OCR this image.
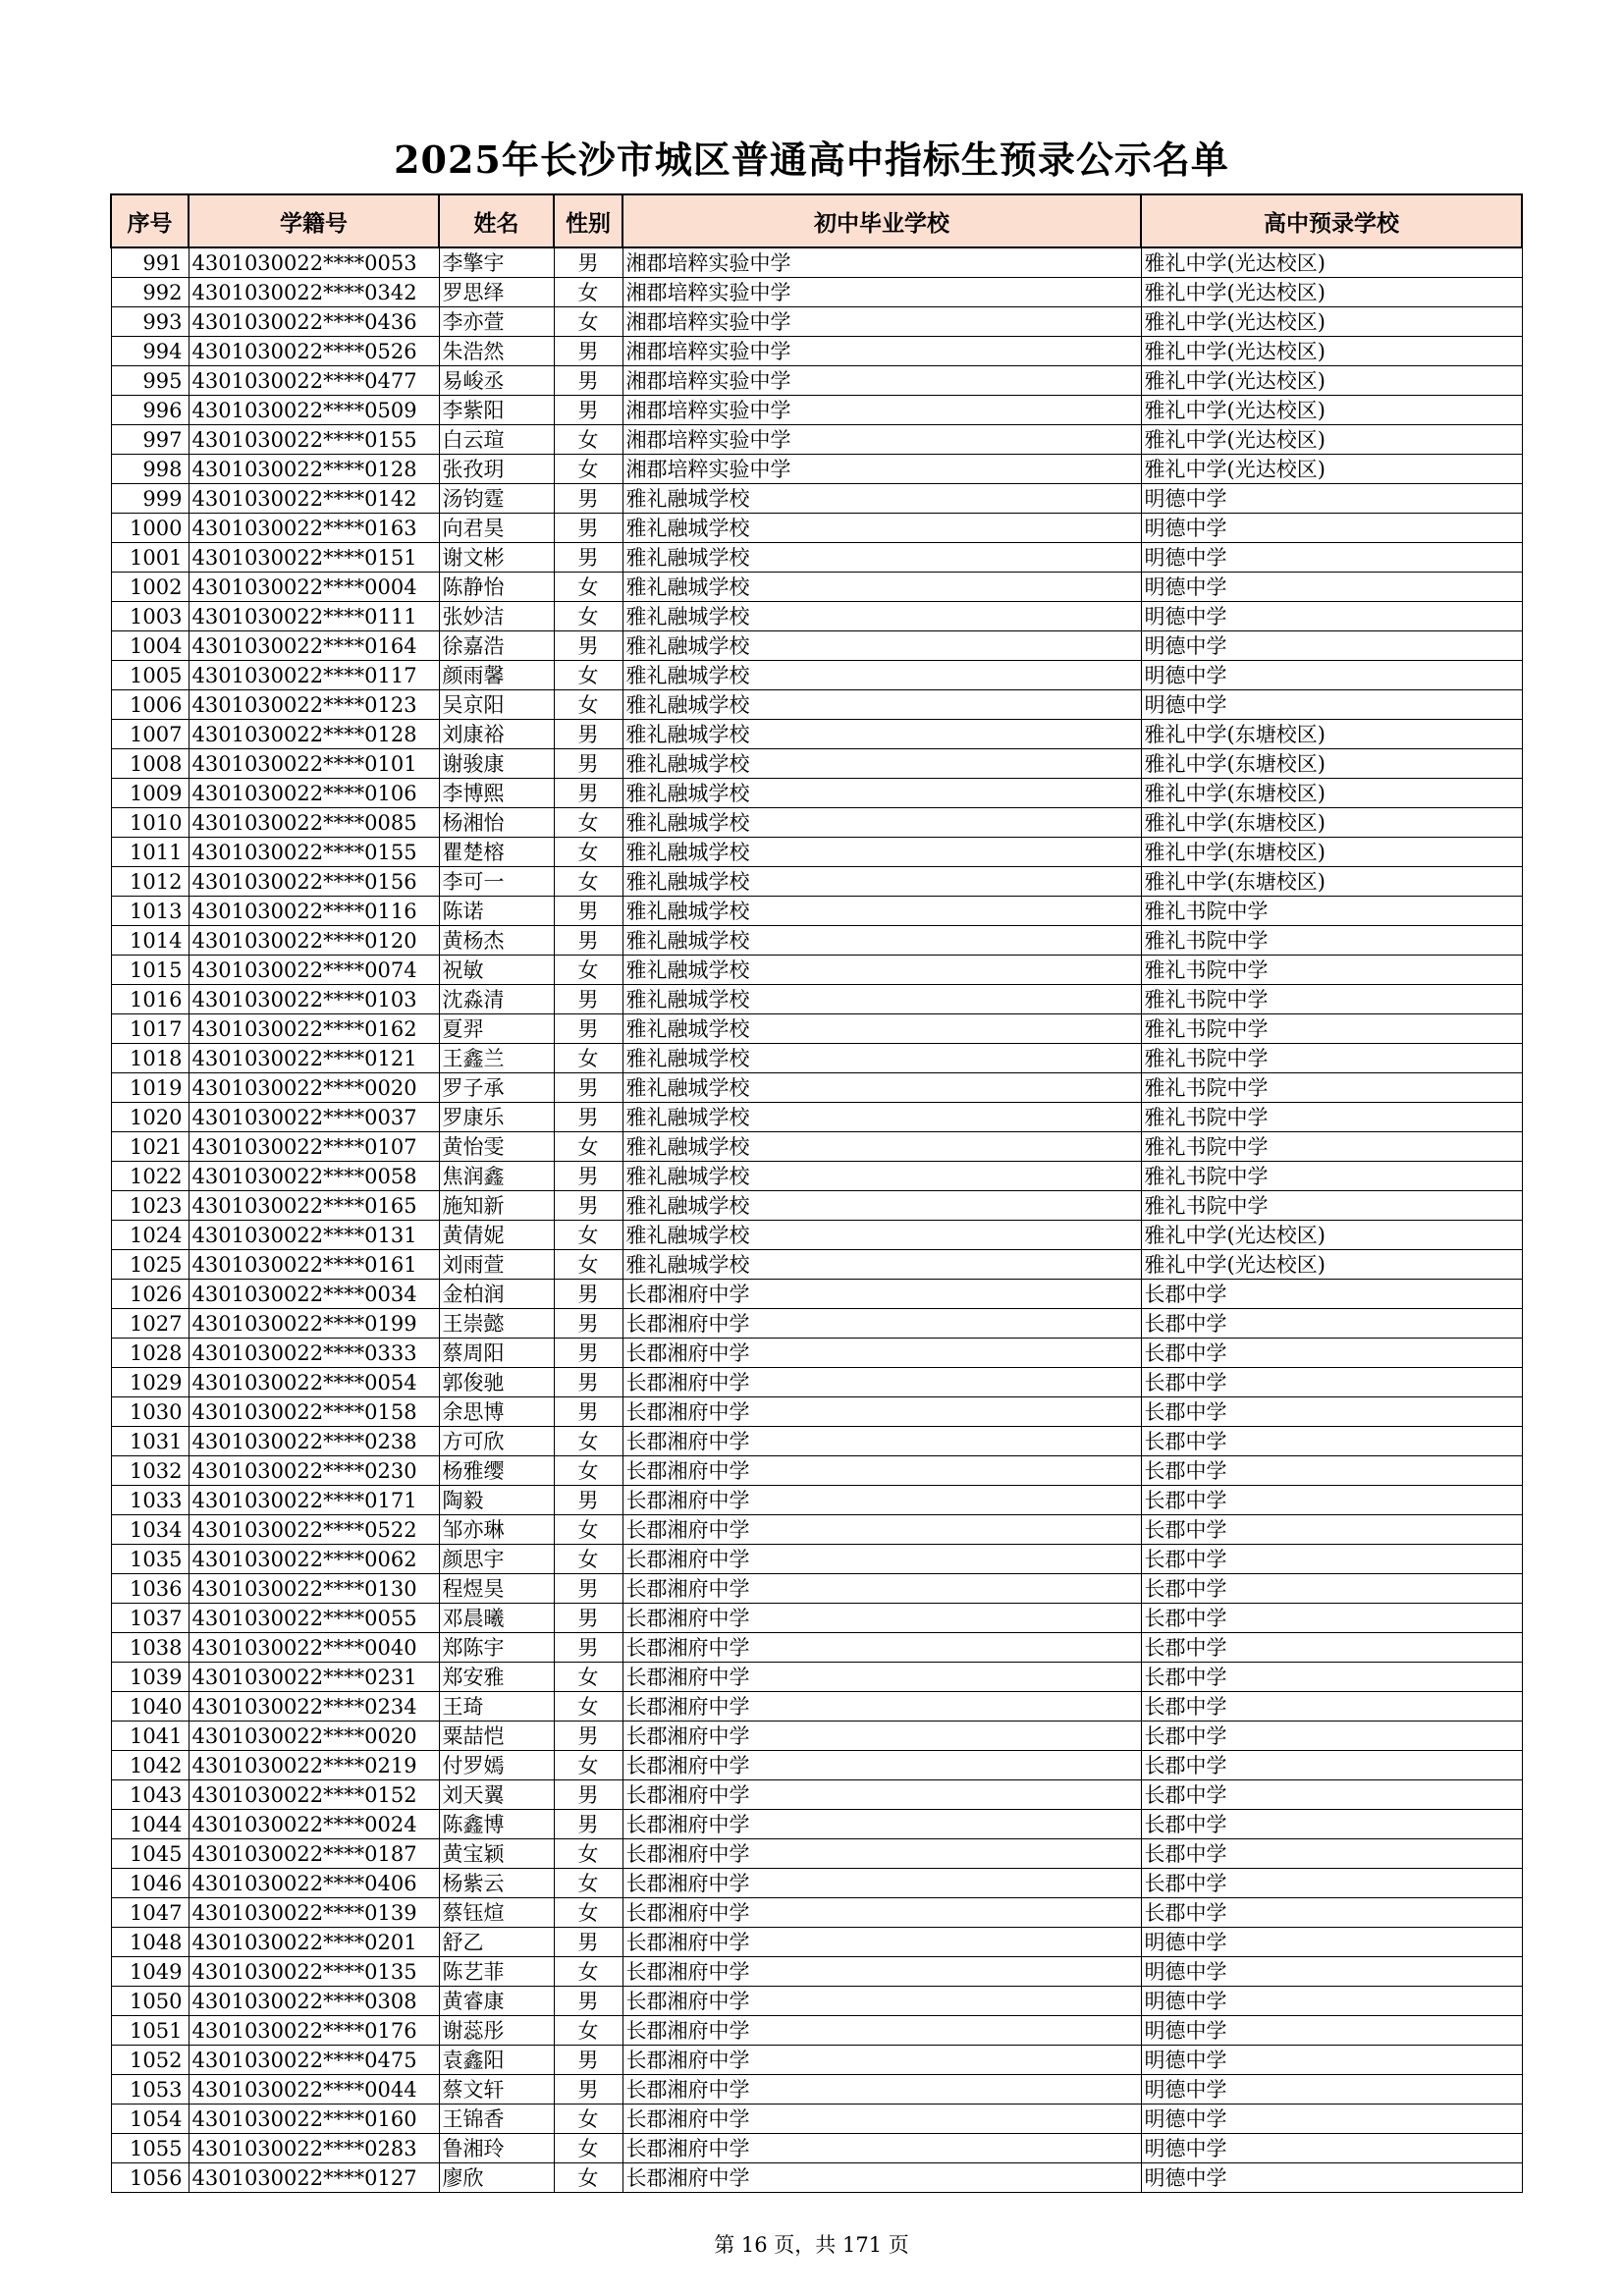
2025年长沙市城区普通高中指标生预录公示名单
序号	学籍号	姓名	性别	初中毕业学校	高中预录学校
991	4301030022****0053	李擎宇	男	湘郡培粹实验中学	雅礼中学(光达校区)
992	4301030022****0342	罗思绎	女	湘郡培粹实验中学	雅礼中学(光达校区)
993	4301030022****0436	李亦萱	女	湘郡培粹实验中学	雅礼中学(光达校区)
994	4301030022****0526	朱浩然	男	湘郡培粹实验中学	雅礼中学(光达校区)
995	4301030022****0477	易峻丞	男	湘郡培粹实验中学	雅礼中学(光达校区)
996	4301030022****0509	李紫阳	男	湘郡培粹实验中学	雅礼中学(光达校区)
997	4301030022****0155	白云瑄	女	湘郡培粹实验中学	雅礼中学(光达校区)
998	4301030022****0128	张孜玥	女	湘郡培粹实验中学	雅礼中学(光达校区)
999	4301030022****0142	汤钧霆	男	雅礼融城学校	明德中学
1000	4301030022****0163	向君昊	男	雅礼融城学校	明德中学
1001	4301030022****0151	谢文彬	男	雅礼融城学校	明德中学
1002	4301030022****0004	陈静怡	女	雅礼融城学校	明德中学
1003	4301030022****0111	张妙洁	女	雅礼融城学校	明德中学
1004	4301030022****0164	徐嘉浩	男	雅礼融城学校	明德中学
1005	4301030022****0117	颜雨馨	女	雅礼融城学校	明德中学
1006	4301030022****0123	吴京阳	女	雅礼融城学校	明德中学
1007	4301030022****0128	刘康裕	男	雅礼融城学校	雅礼中学(东塘校区)
1008	4301030022****0101	谢骏康	男	雅礼融城学校	雅礼中学(东塘校区)
1009	4301030022****0106	李博熙	男	雅礼融城学校	雅礼中学(东塘校区)
1010	4301030022****0085	杨湘怡	女	雅礼融城学校	雅礼中学(东塘校区)
1011	4301030022****0155	瞿楚榕	女	雅礼融城学校	雅礼中学(东塘校区)
1012	4301030022****0156	李可一	女	雅礼融城学校	雅礼中学(东塘校区)
1013	4301030022****0116	陈诺	男	雅礼融城学校	雅礼书院中学
1014	4301030022****0120	黄杨杰	男	雅礼融城学校	雅礼书院中学
1015	4301030022****0074	祝敏	女	雅礼融城学校	雅礼书院中学
1016	4301030022****0103	沈淼清	男	雅礼融城学校	雅礼书院中学
1017	4301030022****0162	夏羿	男	雅礼融城学校	雅礼书院中学
1018	4301030022****0121	王鑫兰	女	雅礼融城学校	雅礼书院中学
1019	4301030022****0020	罗子承	男	雅礼融城学校	雅礼书院中学
1020	4301030022****0037	罗康乐	男	雅礼融城学校	雅礼书院中学
1021	4301030022****0107	黄怡雯	女	雅礼融城学校	雅礼书院中学
1022	4301030022****0058	焦润鑫	男	雅礼融城学校	雅礼书院中学
1023	4301030022****0165	施知新	男	雅礼融城学校	雅礼书院中学
1024	4301030022****0131	黄倩妮	女	雅礼融城学校	雅礼中学(光达校区)
1025	4301030022****0161	刘雨萱	女	雅礼融城学校	雅礼中学(光达校区)
1026	4301030022****0034	金柏润	男	长郡湘府中学	长郡中学
1027	4301030022****0199	王崇懿	男	长郡湘府中学	长郡中学
1028	4301030022****0333	蔡周阳	男	长郡湘府中学	长郡中学
1029	4301030022****0054	郭俊驰	男	长郡湘府中学	长郡中学
1030	4301030022****0158	余思博	男	长郡湘府中学	长郡中学
1031	4301030022****0238	方可欣	女	长郡湘府中学	长郡中学
1032	4301030022****0230	杨雅缨	女	长郡湘府中学	长郡中学
1033	4301030022****0171	陶毅	男	长郡湘府中学	长郡中学
1034	4301030022****0522	邹亦琳	女	长郡湘府中学	长郡中学
1035	4301030022****0062	颜思宇	女	长郡湘府中学	长郡中学
1036	4301030022****0130	程煜昊	男	长郡湘府中学	长郡中学
1037	4301030022****0055	邓晨曦	男	长郡湘府中学	长郡中学
1038	4301030022****0040	郑陈宇	男	长郡湘府中学	长郡中学
1039	4301030022****0231	郑安雅	女	长郡湘府中学	长郡中学
1040	4301030022****0234	王琦	女	长郡湘府中学	长郡中学
1041	4301030022****0020	粟喆恺	男	长郡湘府中学	长郡中学
1042	4301030022****0219	付罗嫣	女	长郡湘府中学	长郡中学
1043	4301030022****0152	刘天翼	男	长郡湘府中学	长郡中学
1044	4301030022****0024	陈鑫博	男	长郡湘府中学	长郡中学
1045	4301030022****0187	黄宝颖	女	长郡湘府中学	长郡中学
1046	4301030022****0406	杨紫云	女	长郡湘府中学	长郡中学
1047	4301030022****0139	蔡钰煊	女	长郡湘府中学	长郡中学
1048	4301030022****0201	舒乙	男	长郡湘府中学	明德中学
1049	4301030022****0135	陈艺菲	女	长郡湘府中学	明德中学
1050	4301030022****0308	黄睿康	男	长郡湘府中学	明德中学
1051	4301030022****0176	谢蕊彤	女	长郡湘府中学	明德中学
1052	4301030022****0475	袁鑫阳	男	长郡湘府中学	明德中学
1053	4301030022****0044	蔡文轩	男	长郡湘府中学	明德中学
1054	4301030022****0160	王锦香	女	长郡湘府中学	明德中学
1055	4301030022****0283	鲁湘玲	女	长郡湘府中学	明德中学
1056	4301030022****0127	廖欣	女	长郡湘府中学	明德中学
第 16 页，共 171 页
